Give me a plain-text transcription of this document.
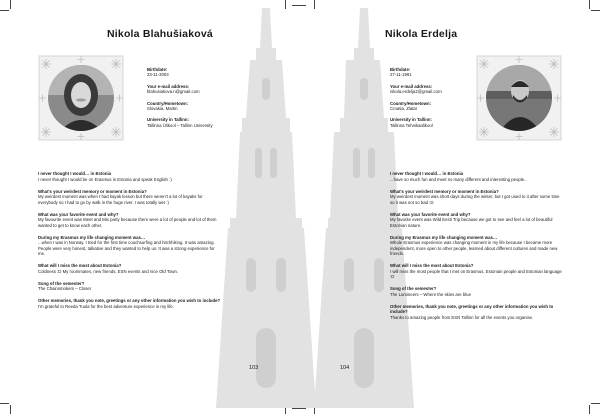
Nikola Blahušiaková
Birthdate:
23-11-2003
Your e-mail address:
blahusiakova.n@gmail.com
Country/Hometown:
Slovakia, Martin
University in Tallinn:
Tallinna Ülikool – Tallinn University
I never thought I would… in Estonia
I never thought I would be on Erasmus in Estonia and speak English :)
What's your weirdest memory or moment in Estonia?
My weirdest moment was when I had kayak lesson but there weren't a lot of kayaks for everybody so I had to go by walk in the huge river. I was totally wet :)
What was your favorite event and why?
My favourite event was Meet and Mix party because there were a lot of people and lot of them wanted to get to know each other.
During my Erasmus my life changing moment was…
...when I was in Norway. I tried for the first time couchsurfing and hitchhiking. It was amazing. People were very honest, talkative and they wanted to help us. It was a strong experience for me.
What will I miss the most about Estonia?
Coldness :D My roommates, new friends, ESN events and nice Old Town.
Song of the semester?
The Chainsmokers – Closer
Other memories, thank you note, greetings or any other information you wish to include?
I'm grateful to Reeda Tuula for the best adventure experience in my life.
103
Nikola Erdelja
Birthdate:
27-11-1991
Your e-mail address:
nikola.erdelja2@gmail.com
Country/Hometown:
Croatia, Zlatar
University in Tallinn:
Tallinna Tehnikaülikool
I never thought I would… in Estonia
...have so much fun and meet so many different and interesting people..
What's your weirdest memory or moment in Estonia?
My weirdest moment was short days during the winter, but I got used to it after some time so it was not so bad :D
What was your favorite event and why?
My favorite event was Wild Eesti Trip because we got to see and feel a lot of beautiful Estonian nature.
During my Erasmus my life changing moment was…
Whole Erasmus experience was changing moment in my life because I became more independent, more open to other people, learned about different cultures and made new friends.
What will I miss the most about Estonia?
I will miss the most people that I met on Erasmus, Estonian people and Estonian language :D
Song of the semester?
The Lumineers – Where the skies are blue
Other memories, thank you note, greetings or any other information you wish to include?
Thanks to amazing people from ESN Tallinn for all the events you organise.
104
